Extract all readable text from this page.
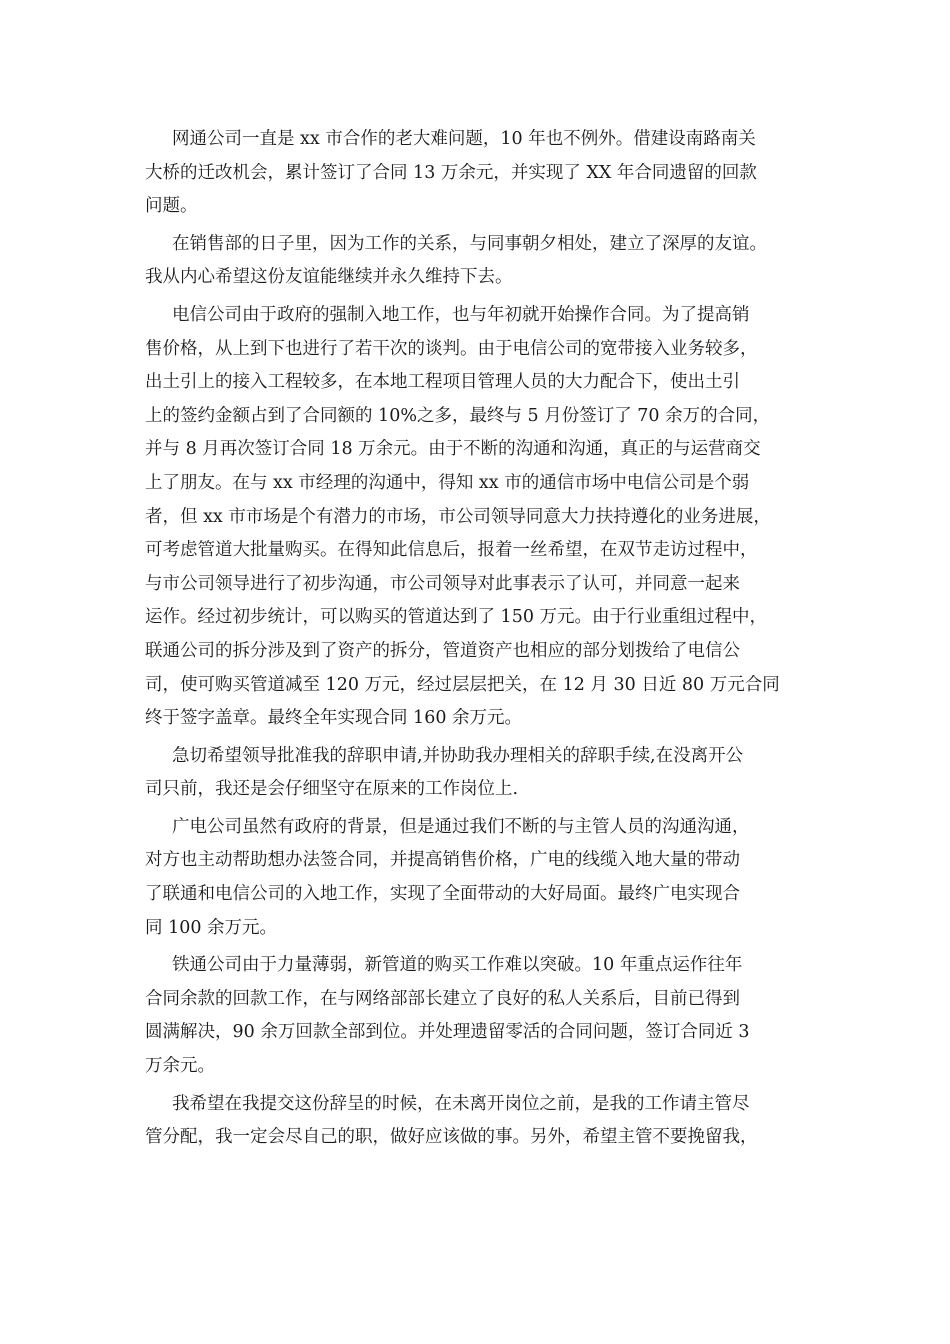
网通公司一直是 xx 市合作的老大难问题，10 年也不例外。借建设南路南关
大桥的迁改机会，累计签订了合同 13 万余元，并实现了 XX 年合同遗留的回款
问题。
在销售部的日子里，因为工作的关系，与同事朝夕相处，建立了深厚的友谊。
我从内心希望这份友谊能继续并永久维持下去。
电信公司由于政府的强制入地工作，也与年初就开始操作合同。为了提高销
售价格，从上到下也进行了若干次的谈判。由于电信公司的宽带接入业务较多，
出土引上的接入工程较多，在本地工程项目管理人员的大力配合下，使出土引
上的签约金额占到了合同额的 10%之多，最终与 5 月份签订了 70 余万的合同，
并与 8 月再次签订合同 18 万余元。由于不断的沟通和沟通，真正的与运营商交
上了朋友。在与 xx 市经理的沟通中，得知 xx 市的通信市场中电信公司是个弱
者，但 xx 市市场是个有潜力的市场，市公司领导同意大力扶持遵化的业务进展，
可考虑管道大批量购买。在得知此信息后，报着一丝希望，在双节走访过程中，
与市公司领导进行了初步沟通，市公司领导对此事表示了认可，并同意一起来
运作。经过初步统计，可以购买的管道达到了 150 万元。由于行业重组过程中，
联通公司的拆分涉及到了资产的拆分，管道资产也相应的部分划拨给了电信公
司，使可购买管道减至 120 万元，经过层层把关，在 12 月 30 日近 80 万元合同
终于签字盖章。最终全年实现合同 160 余万元。
急切希望领导批准我的辞职申请,并协助我办理相关的辞职手续,在没离开公
司只前，我还是会仔细坚守在原来的工作岗位上.
广电公司虽然有政府的背景，但是通过我们不断的与主管人员的沟通沟通，
对方也主动帮助想办法签合同，并提高销售价格，广电的线缆入地大量的带动
了联通和电信公司的入地工作，实现了全面带动的大好局面。最终广电实现合
同 100 余万元。
铁通公司由于力量薄弱，新管道的购买工作难以突破。10 年重点运作往年
合同余款的回款工作，在与网络部部长建立了良好的私人关系后，目前已得到
圆满解决，90 余万回款全部到位。并处理遗留零活的合同问题，签订合同近 3
万余元。
我希望在我提交这份辞呈的时候，在未离开岗位之前，是我的工作请主管尽
管分配，我一定会尽自己的职，做好应该做的事。另外，希望主管不要挽留我，
